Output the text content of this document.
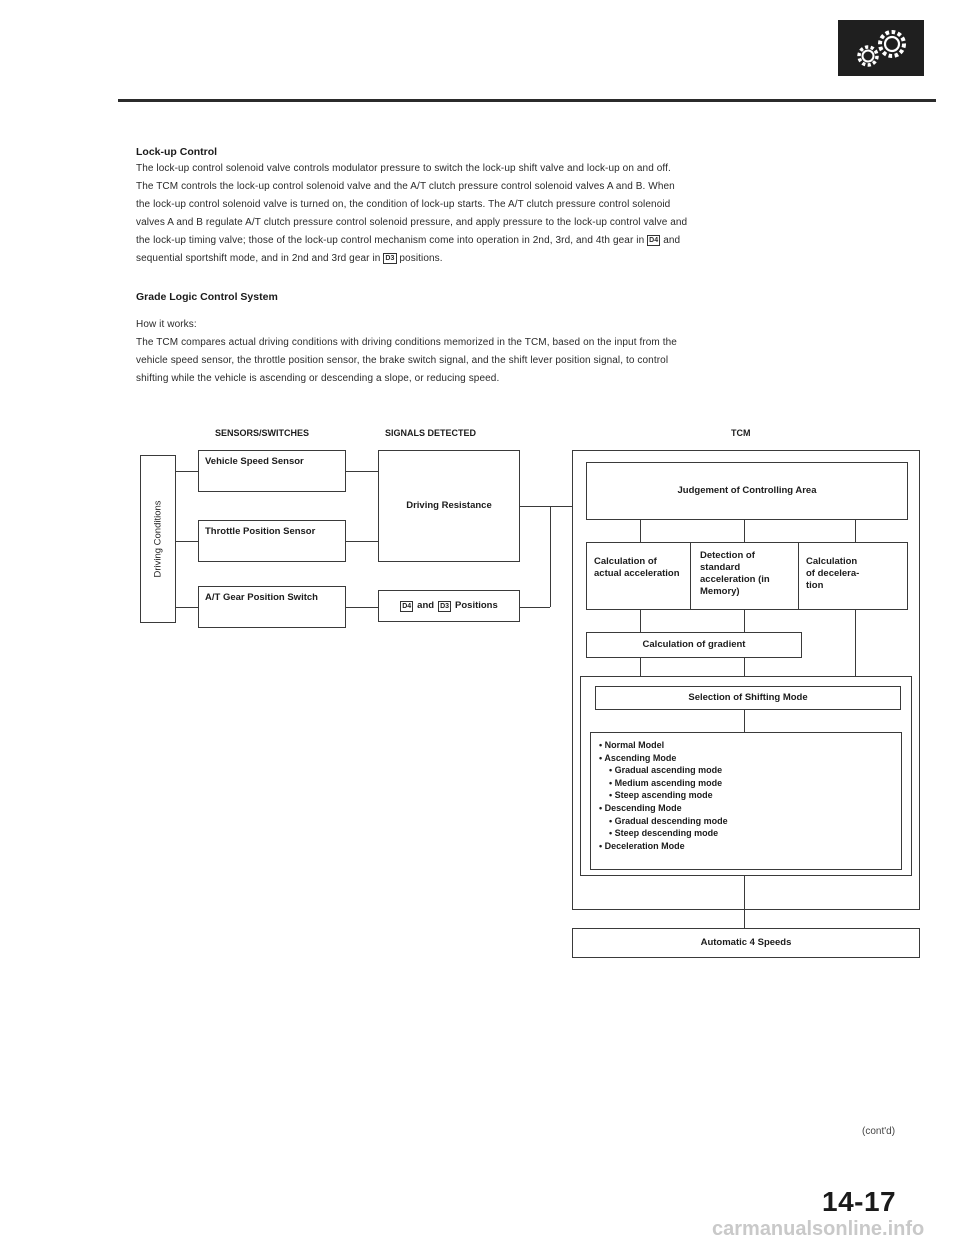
Lock-up Control
The lock-up control solenoid valve controls modulator pressure to switch the lock-up shift valve and lock-up on and off.
The TCM controls the lock-up control solenoid valve and the A/T clutch pressure control solenoid valves A and B. When
the lock-up control solenoid valve is turned on, the condition of lock-up starts. The A/T clutch pressure control solenoid
valves A and B regulate A/T clutch pressure control solenoid pressure, and apply pressure to the lock-up control valve and
the lock-up timing valve; those of the lock-up control mechanism come into operation in 2nd, 3rd, and 4th gear in D4 and
sequential sportshift mode, and in 2nd and 3rd gear in D3 positions.
Grade Logic Control System
How it works:
The TCM compares actual driving conditions with driving conditions memorized in the TCM, based on the input from the
vehicle speed sensor, the throttle position sensor, the brake switch signal, and the shift lever position signal, to control
shifting while the vehicle is ascending or descending a slope, or reducing speed.
SENSORS/SWITCHES	SIGNALS DETECTED	TCM
Driving Conditions
Vehicle Speed Sensor
Throttle Position Sensor
A/T Gear Position Switch
Driving Resistance
D4 and D3 Positions
Judgement of Controlling Area
Calculation of actual acceleration
Detection of standard acceleration (in Memory)
Calculation of decelera- tion
Calculation of gradient
Selection of Shifting Mode
• Normal Model
• Ascending Mode
• Gradual ascending mode
• Medium ascending mode
• Steep ascending mode
• Descending Mode
• Gradual descending mode
• Steep descending mode
• Deceleration Mode
Automatic 4 Speeds
(cont'd)
14-17
carmanualsonline.info
